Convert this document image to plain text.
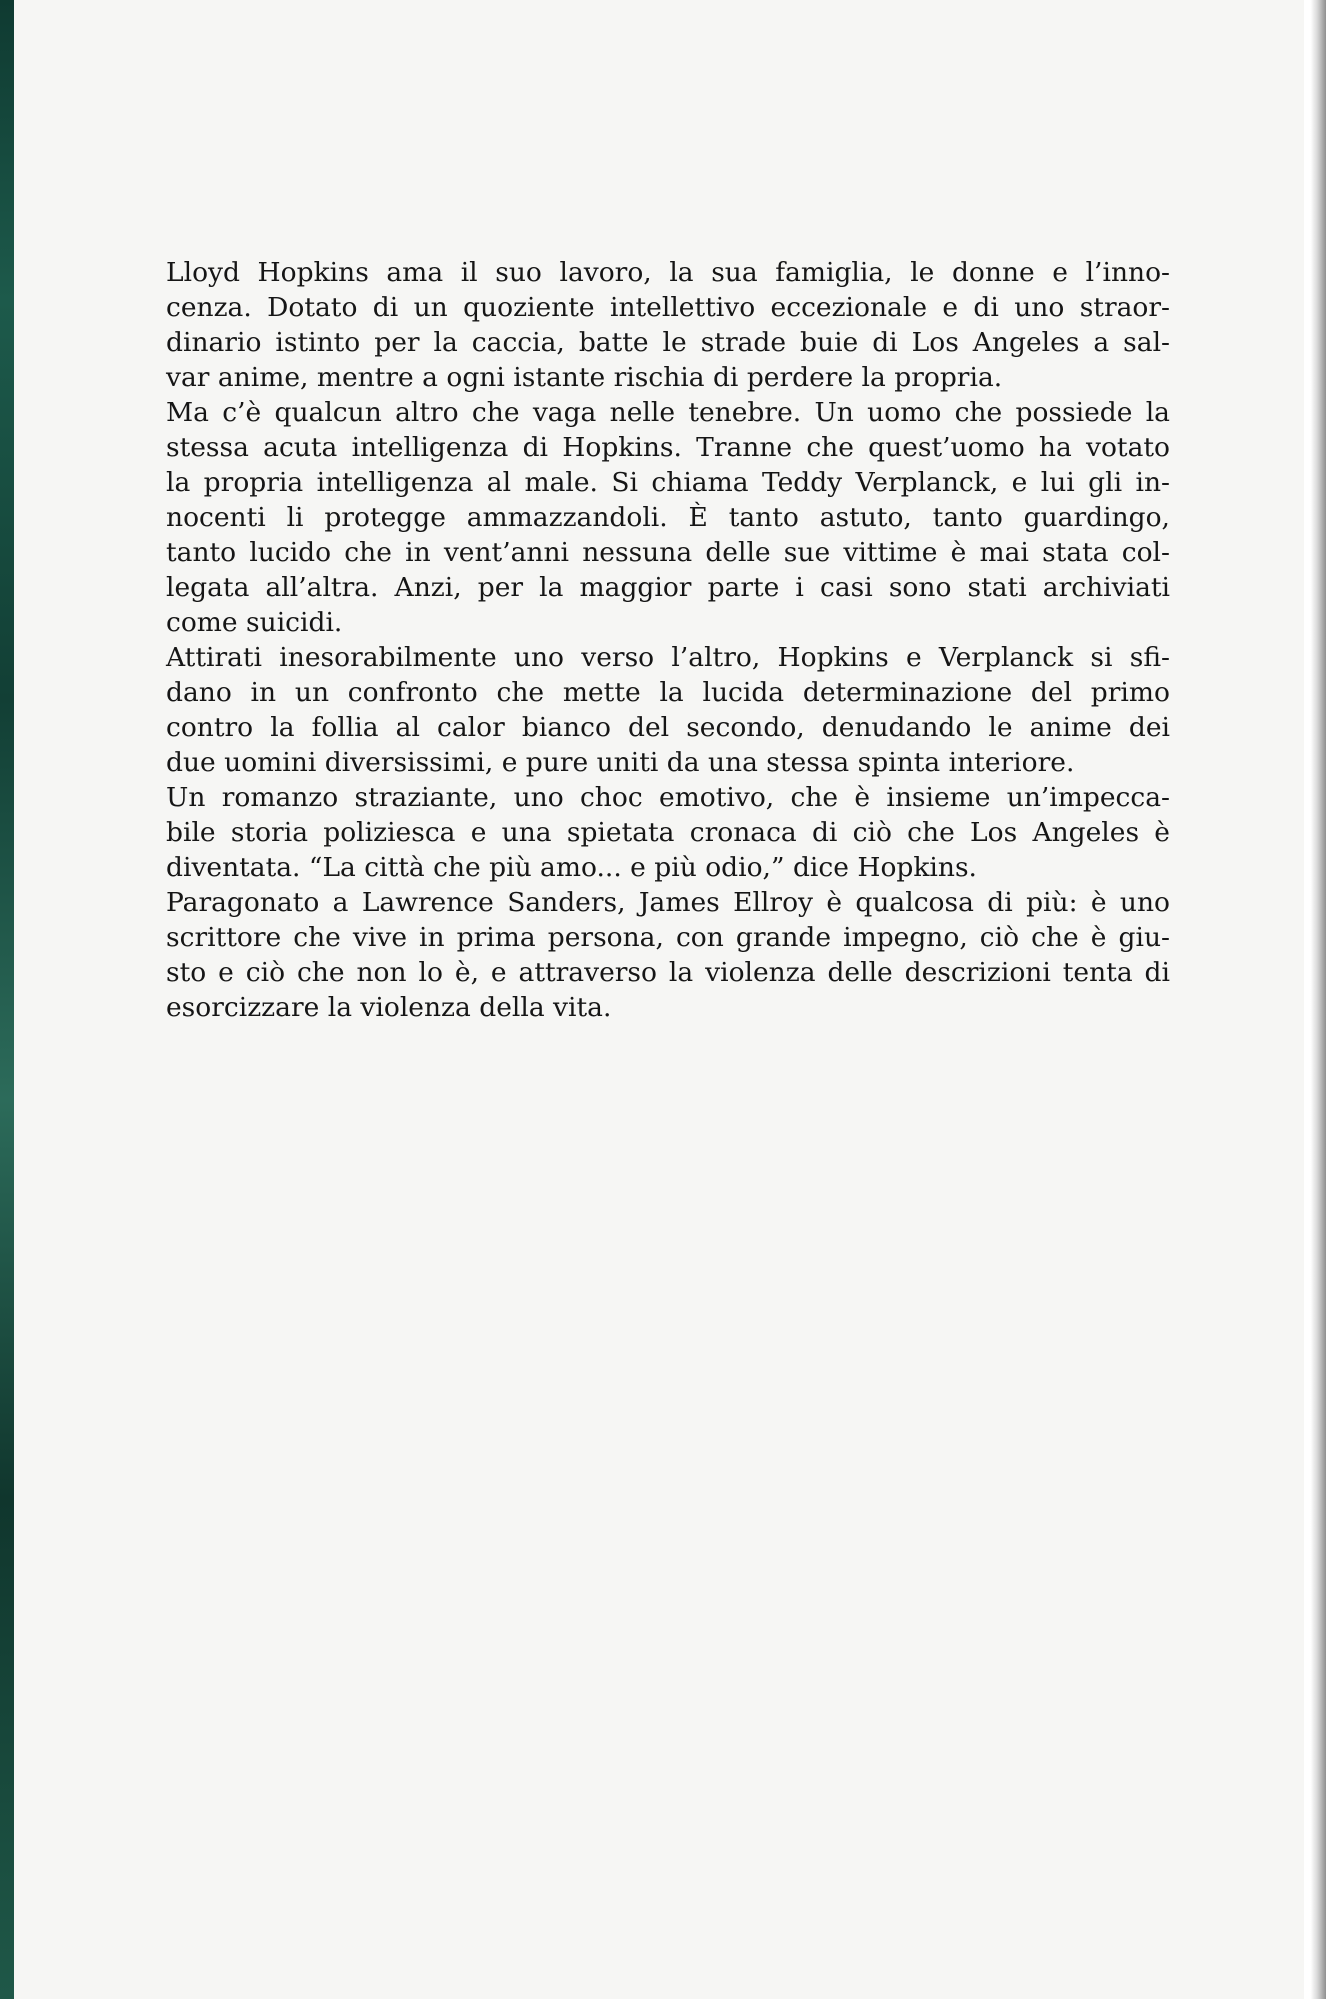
Lloyd Hopkins ama il suo lavoro, la sua famiglia, le donne e l’inno-
cenza. Dotato di un quoziente intellettivo eccezionale e di uno straor-
dinario istinto per la caccia, batte le strade buie di Los Angeles a sal-
var anime, mentre a ogni istante rischia di perdere la propria.
Ma c’è qualcun altro che vaga nelle tenebre. Un uomo che possiede la
stessa acuta intelligenza di Hopkins. Tranne che quest’uomo ha votato
la propria intelligenza al male. Si chiama Teddy Verplanck, e lui gli in-
nocenti li protegge ammazzandoli. È tanto astuto, tanto guardingo,
tanto lucido che in vent’anni nessuna delle sue vittime è mai stata col-
legata all’altra. Anzi, per la maggior parte i casi sono stati archiviati
come suicidi.
Attirati inesorabilmente uno verso l’altro, Hopkins e Verplanck si sfi-
dano in un confronto che mette la lucida determinazione del primo
contro la follia al calor bianco del secondo, denudando le anime dei
due uomini diversissimi, e pure uniti da una stessa spinta interiore.
Un romanzo straziante, uno choc emotivo, che è insieme un’impecca-
bile storia poliziesca e una spietata cronaca di ciò che Los Angeles è
diventata. “La città che più amo... e più odio,” dice Hopkins.
Paragonato a Lawrence Sanders, James Ellroy è qualcosa di più: è uno
scrittore che vive in prima persona, con grande impegno, ciò che è giu-
sto e ciò che non lo è, e attraverso la violenza delle descrizioni tenta di
esorcizzare la violenza della vita.
